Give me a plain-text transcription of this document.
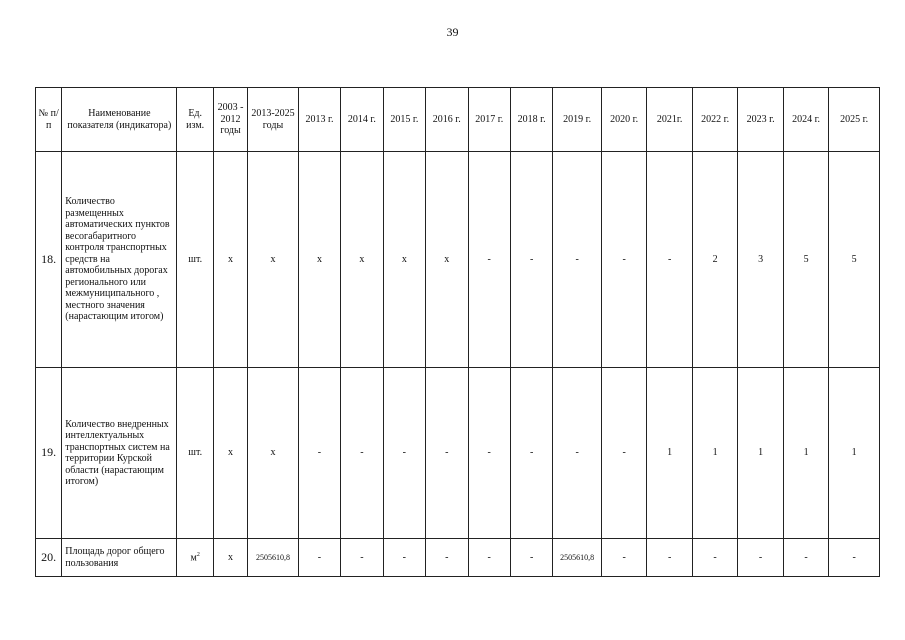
39
№ п/п	Наименование показателя (индикатора)	Ед. изм.	2003 - 2012 годы	2013-2025 годы	2013 г.	2014 г.	2015 г.	2016 г.	2017 г.	2018 г.	2019 г.	2020 г.	2021г.	2022 г.	2023 г.	2024 г.	2025 г.
18.	Количество размещенных автоматических пунктов весогабаритного контроля транспортных средств на автомобильных дорогах регионального или межмуниципального , местного значения (нарастающим итогом)	шт.	х	х	х	х	х	х	-	-	-	-	-	2	3	5	5
19.	Количество внедренных интеллектуальных транспортных систем на территории Курской области (нарастающим итогом)	шт.	х	х	-	-	-	-	-	-	-	-	1	1	1	1	1
20.	Площадь дорог общего пользования	$м^2$	х	2505610,8	-	-	-	-	-	-	2505610,8	-	-	-	-	-	-
